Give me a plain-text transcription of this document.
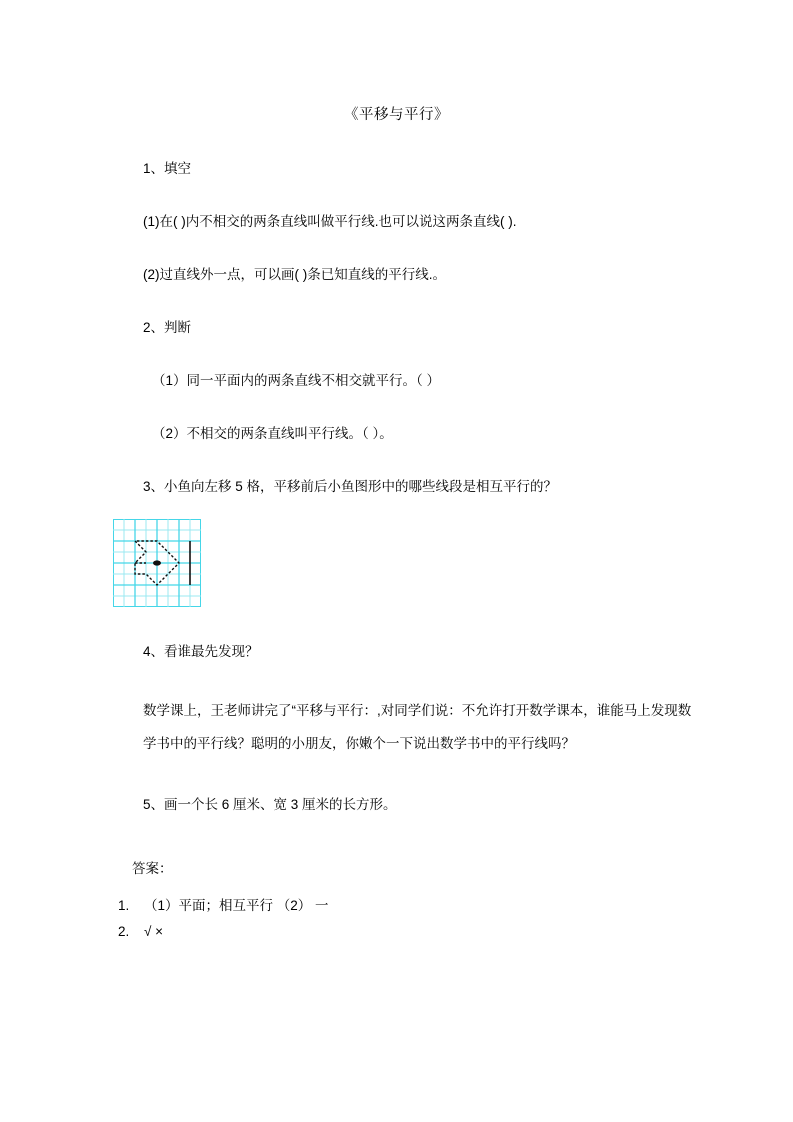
《平移与平行》
1、填空
(1)在( )内不相交的两条直线叫做平行线.也可以说这两条直线( ).
(2)过直线外一点，可以画( )条已知直线的平行线.。
2、判断
（1）同一平面内的两条直线不相交就平行。（ ）
（2）不相交的两条直线叫平行线。（ ）。
3、小鱼向左移 5 格，平移前后小鱼图形中的哪些线段是相互平行的？
4、看谁最先发现？
数学课上，王老师讲完了“平移与平行：,对同学们说：不允许打开数学课本，谁能马上发现数学书中的平行线？聪明的小朋友，你嫩个一下说出数学书中的平行线吗？
5、画一个长 6 厘米、宽 3 厘米的长方形。
答案：
1. （1）平面；相互平行 （2） 一
2. √ ×
